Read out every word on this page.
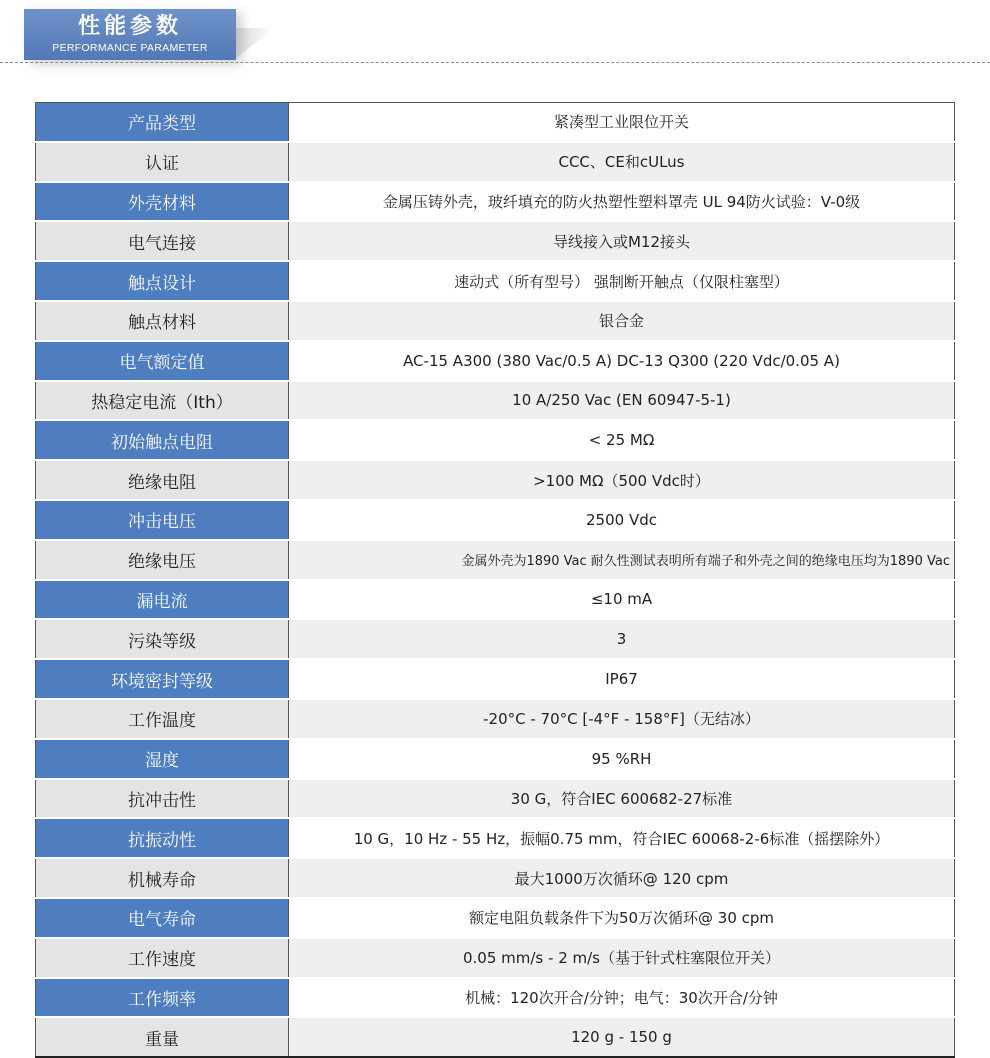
性能参数
PERFORMANCE PARAMETER
产品类型	紧凑型工业限位开关
认证	CCC、CE和cULus
外壳材料	金属压铸外壳，玻纤填充的防火热塑性塑料罩壳 UL 94防火试验：V-0级
电气连接	导线接入或M12接头
触点设计	速动式（所有型号） 强制断开触点（仅限柱塞型）
触点材料	银合金
电气额定值	AC-15 A300 (380 Vac/0.5 A) DC-13 Q300 (220 Vdc/0.05 A)
热稳定电流（Ith）	10 A/250 Vac (EN 60947-5-1)
初始触点电阻	< 25 MΩ
绝缘电阻	>100 MΩ（500 Vdc时）
冲击电压	2500 Vdc
绝缘电压	金属外壳为1890 Vac 耐久性测试表明所有端子和外壳之间的绝缘电压均为1890 Vac
漏电流	≤10 mA
污染等级	3
环境密封等级	IP67
工作温度	-20°C - 70°C [-4°F - 158°F]（无结冰）
湿度	95 %RH
抗冲击性	30 G，符合IEC 600682-27标准
抗振动性	10 G，10 Hz - 55 Hz，振幅0.75 mm，符合IEC 60068-2-6标准（摇摆除外）
机械寿命	最大1000万次循环@ 120 cpm
电气寿命	额定电阻负载条件下为50万次循环@ 30 cpm
工作速度	0.05 mm/s - 2 m/s（基于针式柱塞限位开关）
工作频率	机械：120次开合/分钟；电气：30次开合/分钟
重量	120 g - 150 g
